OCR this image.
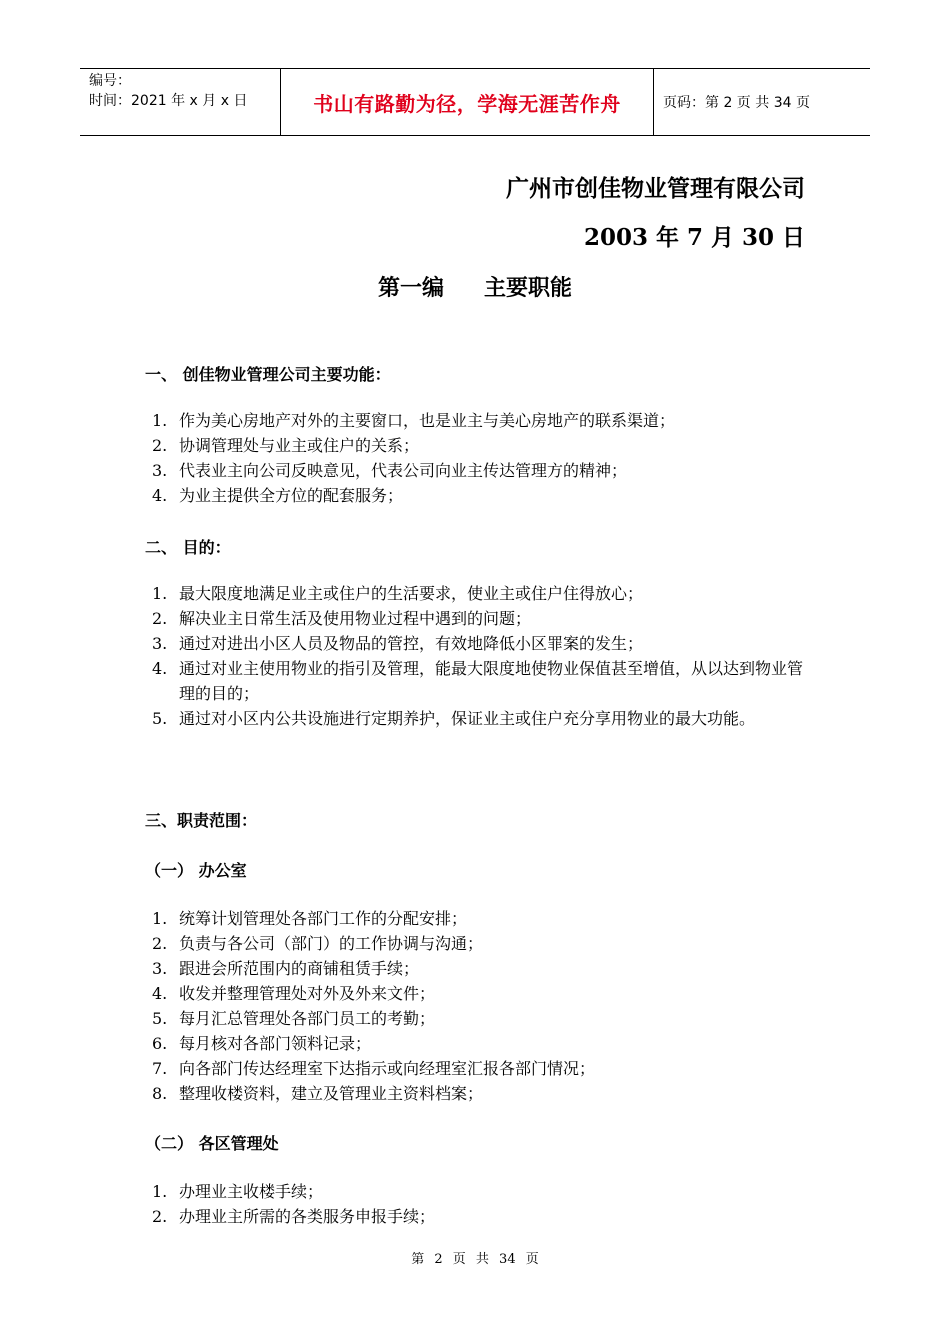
编号：
时间：2021 年 x 月 x 日	书山有路勤为径，学海无涯苦作舟	页码：第 2 页 共 34 页
广州市创佳物业管理有限公司
2003 年 7 月 30 日
第一编 主要职能
一、 创佳物业管理公司主要功能：
1. 作为美心房地产对外的主要窗口，也是业主与美心房地产的联系渠道；
2. 协调管理处与业主或住户的关系；
3. 代表业主向公司反映意见，代表公司向业主传达管理方的精神；
4. 为业主提供全方位的配套服务；
二、 目的：
1. 最大限度地满足业主或住户的生活要求，使业主或住户住得放心；
2. 解决业主日常生活及使用物业过程中遇到的问题；
3. 通过对进出小区人员及物品的管控，有效地降低小区罪案的发生；
4. 通过对业主使用物业的指引及管理，能最大限度地使物业保值甚至增值，从以达到物业管理的目的；
5. 通过对小区内公共设施进行定期养护，保证业主或住户充分享用物业的最大功能。
三、职责范围：
（一） 办公室
1. 统筹计划管理处各部门工作的分配安排；
2. 负责与各公司（部门）的工作协调与沟通；
3. 跟进会所范围内的商铺租赁手续；
4. 收发并整理管理处对外及外来文件；
5. 每月汇总管理处各部门员工的考勤；
6. 每月核对各部门领料记录；
7. 向各部门传达经理室下达指示或向经理室汇报各部门情况；
8. 整理收楼资料，建立及管理业主资料档案；
（二） 各区管理处
1. 办理业主收楼手续；
2. 办理业主所需的各类服务申报手续；
第 2 页 共 34 页
